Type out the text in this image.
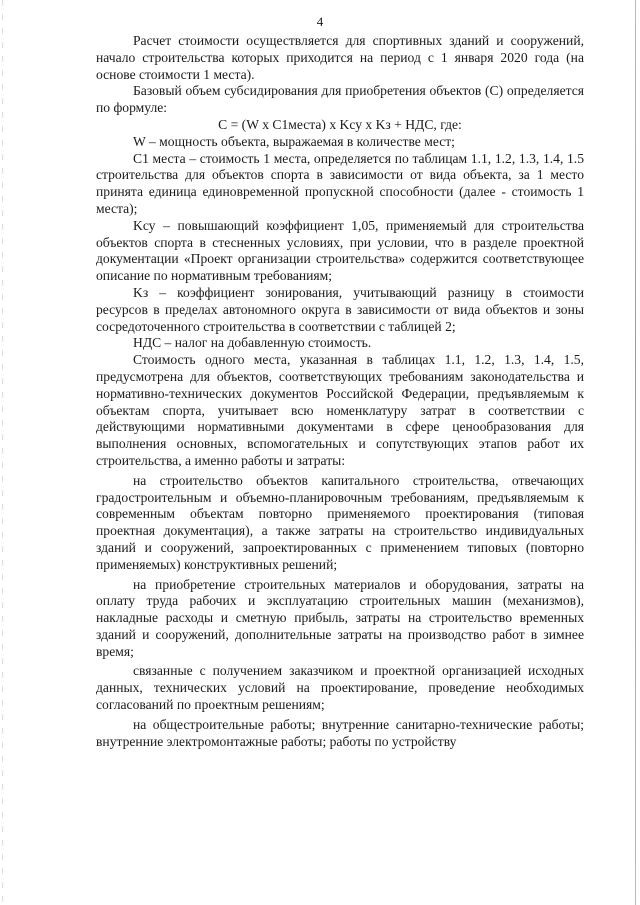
4

Расчет стоимости осуществляется для спортивных зданий и сооружений, начало строительства которых приходится на период с 1 января 2020 года (на основе стоимости 1 места).

Базовый объем субсидирования для приобретения объектов (C) определяется по формуле:

C = (W x C1места) x Kсу x Kз + НДС, где:

W – мощность объекта, выражаемая в количестве мест;

C1 места – стоимость 1 места, определяется по таблицам 1.1, 1.2, 1.3, 1.4, 1.5 строительства для объектов спорта в зависимости от вида объекта, за 1 место принята единица единовременной пропускной способности (далее - стоимость 1 места);

Kсу – повышающий коэффициент 1,05, применяемый для строительства объектов спорта в стесненных условиях, при условии, что в разделе проектной документации «Проект организации строительства» содержится соответствующее описание по нормативным требованиям;

Kз – коэффициент зонирования, учитывающий разницу в стоимости ресурсов в пределах автономного округа в зависимости от вида объектов и зоны сосредоточенного строительства в соответствии с таблицей 2;

НДС – налог на добавленную стоимость.

Стоимость одного места, указанная в таблицах 1.1, 1.2, 1.3, 1.4, 1.5, предусмотрена для объектов, соответствующих требованиям законодательства и нормативно-технических документов Российской Федерации, предъявляемым к объектам спорта, учитывает всю номенклатуру затрат в соответствии с действующими нормативными документами в сфере ценообразования для выполнения основных, вспомогательных и сопутствующих этапов работ их строительства, а именно работы и затраты:

на строительство объектов капитального строительства, отвечающих градостроительным и объемно-планировочным требованиям, предъявляемым к современным объектам повторно применяемого проектирования (типовая проектная документация), а также затраты на строительство индивидуальных зданий и сооружений, запроектированных с применением типовых (повторно применяемых) конструктивных решений;

на приобретение строительных материалов и оборудования, затраты на оплату труда рабочих и эксплуатацию строительных машин (механизмов), накладные расходы и сметную прибыль, затраты на строительство временных зданий и сооружений, дополнительные затраты на производство работ в зимнее время;

связанные с получением заказчиком и проектной организацией исходных данных, технических условий на проектирование, проведение необходимых согласований по проектным решениям;

на общестроительные работы; внутренние санитарно-технические работы; внутренние электромонтажные работы; работы по устройству
